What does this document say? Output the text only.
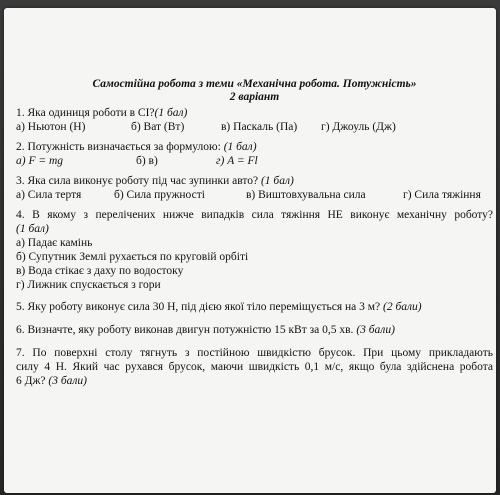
Самостійна робота з теми «Механічна робота. Потужність»
2 варіант
1. Яка одиниця роботи в СІ?(1 бал)
а) Ньютон (Н)	б) Ват (Вт)	в) Паскаль (Па)	г) Джоуль (Дж)
2. Потужність визначається за формулою: (1 бал)
а) F = mg	б) в)	г) A = Fl
3. Яка сила виконує роботу під час зупинки авто? (1 бал)
а) Сила тертя	б) Сила пружності	в) Виштовхувальна сила	г) Сила тяжіння
4. В якому з перелічених нижче випадків сила тяжіння НЕ виконує механічну роботу?
(1 бал)
а) Падає камінь
б) Супутник Землі рухається по круговій орбіті
в) Вода стікає з даху по водостоку
г) Лижник спускається з гори
5. Яку роботу виконує сила 30 Н, під дією якої тіло переміщується на 3 м? (2 бали)
6. Визначте, яку роботу виконав двигун потужністю 15 кВт за 0,5 хв. (3 бали)
7. По поверхні столу тягнуть з постійною швидкістю брусок. При цьому прикладають
силу 4 Н. Який час рухався брусок, маючи швидкість 0,1 м/с, якщо була здійснена робота
6 Дж? (3 бали)
